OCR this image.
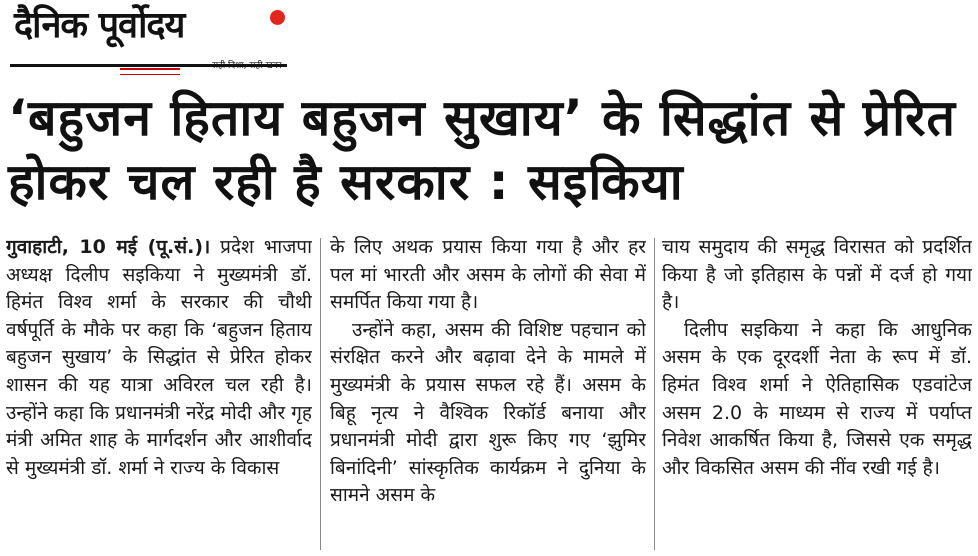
दैनिक पूर्वोदय
‘बहुजन हिताय बहुजन सुखाय’ के सिद्धांत से प्रेरित होकर चल रही है सरकार : सइकिया

गुवाहाटी, 10 मई (पू.सं.)। प्रदेश भाजपा अध्यक्ष दिलीप सइकिया ने मुख्यमंत्री डॉ. हिमंत विश्व शर्मा के सरकार की चौथी वर्षपूर्ति के मौके पर कहा कि ‘बहुजन हिताय बहुजन सुखाय’ के सिद्धांत से प्रेरित होकर शासन की यह यात्रा अविरल चल रही है। उन्होंने कहा कि प्रधानमंत्री नरेंद्र मोदी और गृह मंत्री अमित शाह के मार्गदर्शन और आशीर्वाद से मुख्यमंत्री डॉ. शर्मा ने राज्य के विकास

के लिए अथक प्रयास किया गया है और हर पल मां भारती और असम के लोगों की सेवा में समर्पित किया गया है।

उन्होंने कहा, असम की विशिष्ट पहचान को संरक्षित करने और बढ़ावा देने के मामले में मुख्यमंत्री के प्रयास सफल रहे हैं। असम के बिहू नृत्य ने वैश्विक रिकॉर्ड बनाया और प्रधानमंत्री मोदी द्वारा शुरू किए गए ‘झुमिर बिनांदिनी’ सांस्कृतिक कार्यक्रम ने दुनिया के सामने असम के

चाय समुदाय की समृद्ध विरासत को प्रदर्शित किया है जो इतिहास के पन्नों में दर्ज हो गया है।

दिलीप सइकिया ने कहा कि आधुनिक असम के एक दूरदर्शी नेता के रूप में डॉ. हिमंत विश्व शर्मा ने ऐतिहासिक एडवांटेज असम 2.0 के माध्यम से राज्य में पर्याप्त निवेश आकर्षित किया है, जिससे एक समृद्ध और विकसित असम की नींव रखी गई है।
